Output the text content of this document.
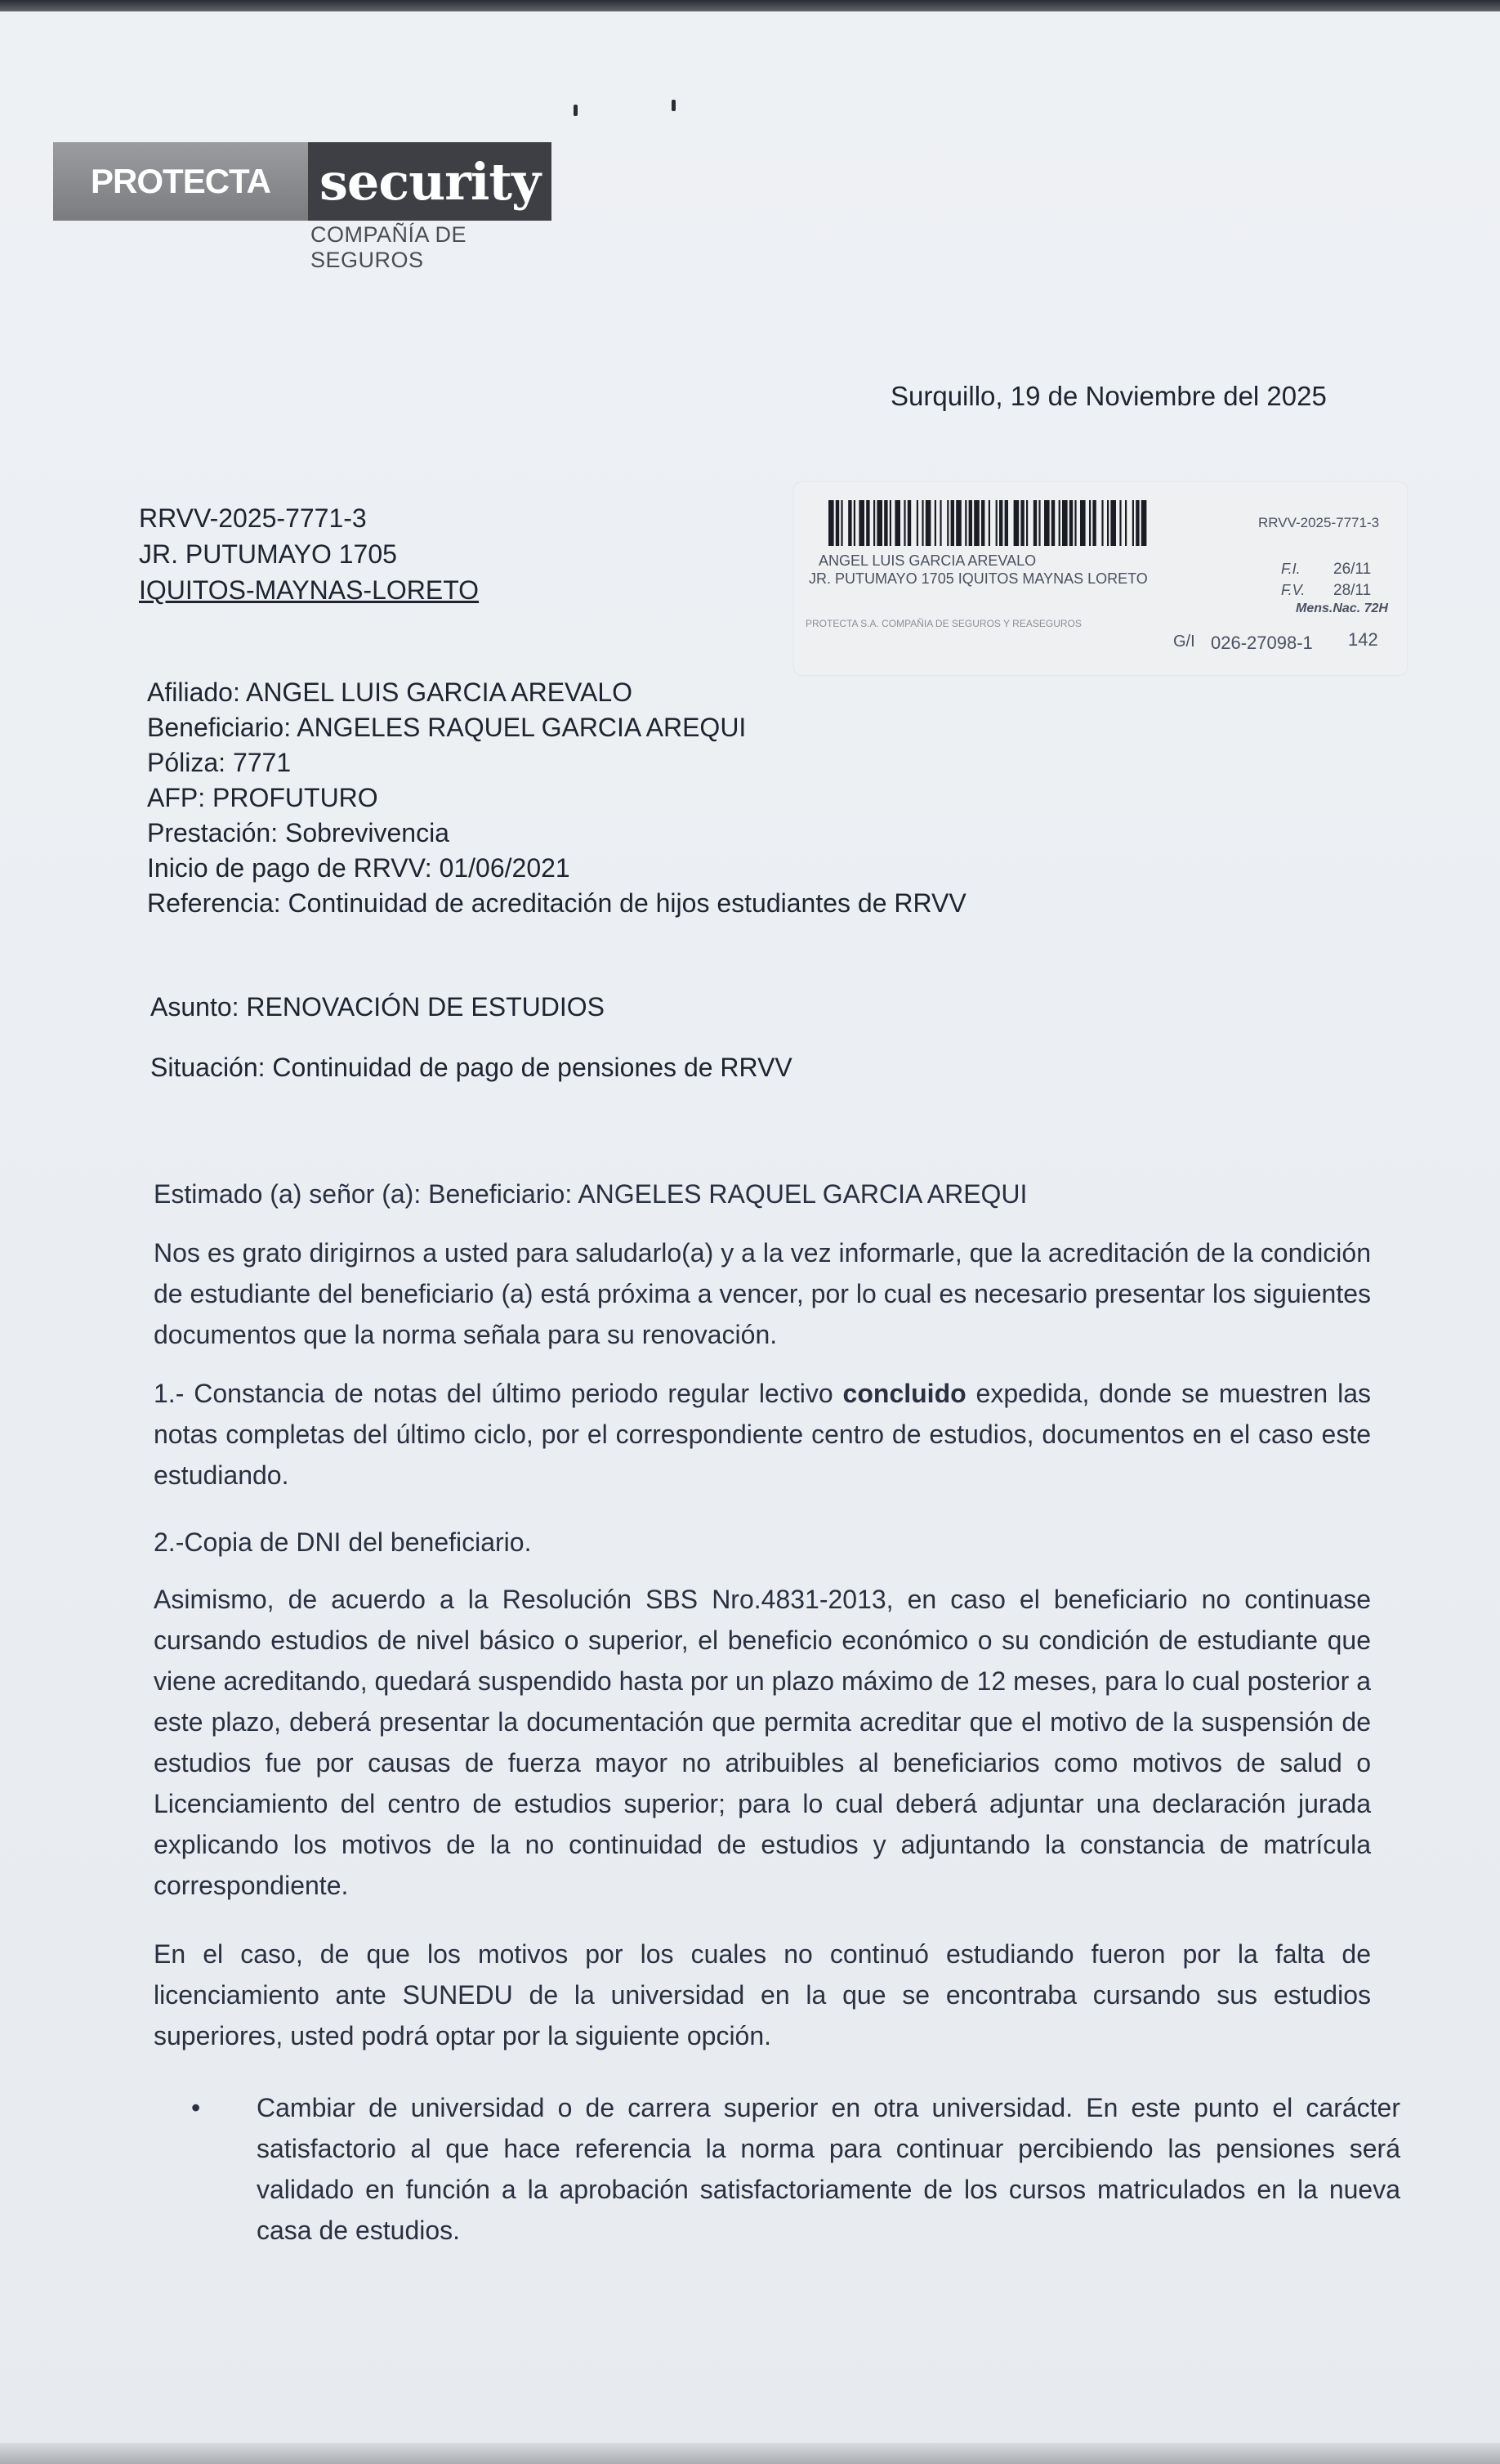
PROTECTA security
COMPAÑÍA DE SEGUROS
Surquillo, 19 de Noviembre del 2025
RRVV-2025-7771-3
JR. PUTUMAYO 1705
IQUITOS-MAYNAS-LORETO
RRVV-2025-7771-3
ANGEL LUIS GARCIA AREVALO
JR. PUTUMAYO 1705 IQUITOS MAYNAS LORETO
PROTECTA S.A. COMPAÑIA DE SEGUROS Y REASEGUROS
F.I. 26/11
F.V. 28/11
Mens.Nac. 72H
G/I 026-27098-1 142
Afiliado: ANGEL LUIS GARCIA AREVALO
Beneficiario: ANGELES RAQUEL GARCIA AREQUI
Póliza: 7771
AFP: PROFUTURO
Prestación: Sobrevivencia
Inicio de pago de RRVV: 01/06/2021
Referencia: Continuidad de acreditación de hijos estudiantes de RRVV
Asunto: RENOVACIÓN DE ESTUDIOS
Situación: Continuidad de pago de pensiones de RRVV

Estimado (a) señor (a): Beneficiario: ANGELES RAQUEL GARCIA AREQUI

Nos es grato dirigirnos a usted para saludarlo(a) y a la vez informarle, que la acreditación de la condición de estudiante del beneficiario (a) está próxima a vencer, por lo cual es necesario presentar los siguientes documentos que la norma señala para su renovación.

1.- Constancia de notas del último periodo regular lectivo concluido expedida, donde se muestren las notas completas del último ciclo, por el correspondiente centro de estudios, documentos en el caso este estudiando.

2.-Copia de DNI del beneficiario.

Asimismo, de acuerdo a la Resolución SBS Nro.4831-2013, en caso el beneficiario no continuase cursando estudios de nivel básico o superior, el beneficio económico o su condición de estudiante que viene acreditando, quedará suspendido hasta por un plazo máximo de 12 meses, para lo cual posterior a este plazo, deberá presentar la documentación que permita acreditar que el motivo de la suspensión de estudios fue por causas de fuerza mayor no atribuibles al beneficiarios como motivos de salud o Licenciamiento del centro de estudios superior; para lo cual deberá adjuntar una declaración jurada explicando los motivos de la no continuidad de estudios y adjuntando la constancia de matrícula correspondiente.

En el caso, de que los motivos por los cuales no continuó estudiando fueron por la falta de licenciamiento ante SUNEDU de la universidad en la que se encontraba cursando sus estudios superiores, usted podrá optar por la siguiente opción.

•	Cambiar de universidad o de carrera superior en otra universidad. En este punto el carácter satisfactorio al que hace referencia la norma para continuar percibiendo las pensiones será validado en función a la aprobación satisfactoriamente de los cursos matriculados en la nueva casa de estudios.
